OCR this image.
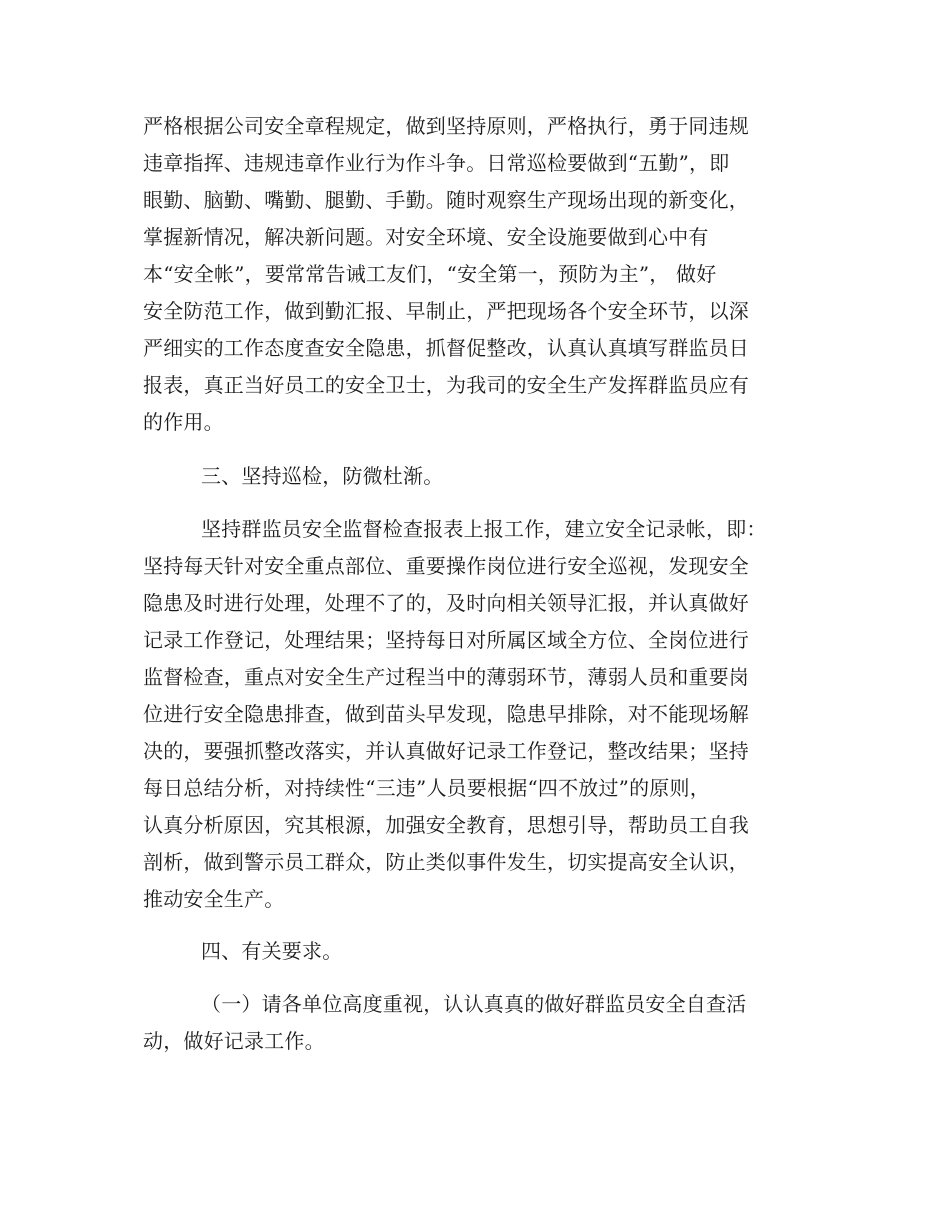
严格根据公司安全章程规定，做到坚持原则，严格执行，勇于同违规
违章指挥、违规违章作业行为作斗争。日常巡检要做到“五勤”，即
眼勤、脑勤、嘴勤、腿勤、手勤。随时观察生产现场出现的新变化，
掌握新情况，解决新问题。对安全环境、安全设施要做到心中有
本“安全帐”，要常常告诫工友们，“安全第一，预防为主”， 做好
安全防范工作，做到勤汇报、早制止，严把现场各个安全环节，以深
严细实的工作态度查安全隐患，抓督促整改，认真认真填写群监员日
报表，真正当好员工的安全卫士，为我司的安全生产发挥群监员应有
的作用。
三、坚持巡检，防微杜渐。
坚持群监员安全监督检查报表上报工作，建立安全记录帐，即：
坚持每天针对安全重点部位、重要操作岗位进行安全巡视，发现安全
隐患及时进行处理，处理不了的，及时向相关领导汇报，并认真做好
记录工作登记，处理结果；坚持每日对所属区域全方位、全岗位进行
监督检查，重点对安全生产过程当中的薄弱环节，薄弱人员和重要岗
位进行安全隐患排查，做到苗头早发现，隐患早排除，对不能现场解
决的，要强抓整改落实，并认真做好记录工作登记，整改结果；坚持
每日总结分析，对持续性“三违”人员要根据“四不放过”的原则，
认真分析原因，究其根源，加强安全教育，思想引导，帮助员工自我
剖析，做到警示员工群众，防止类似事件发生，切实提高安全认识，
推动安全生产。
四、有关要求。
（一）请各单位高度重视，认认真真的做好群监员安全自查活
动，做好记录工作。
